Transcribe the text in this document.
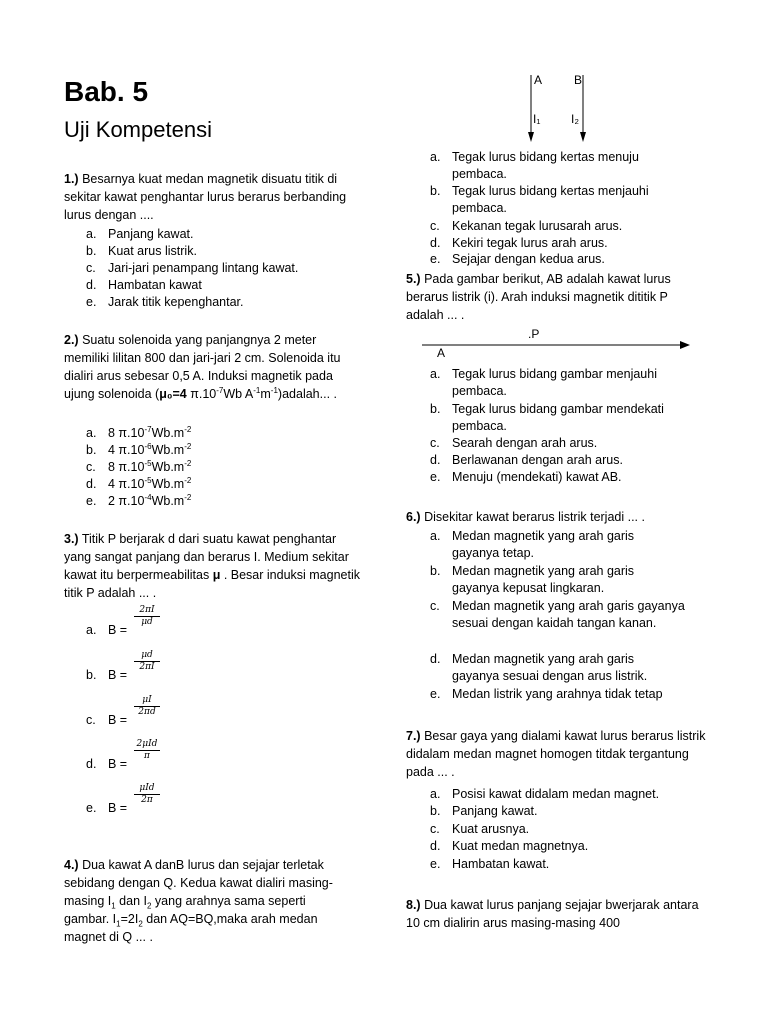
Bab. 5
Uji Kompetensi
1.) Besarnya kuat medan magnetik disuatu titik di sekitar kawat penghantar lurus berarus berbanding lurus dengan ....
a. Panjang kawat.
b. Kuat arus listrik.
c. Jari-jari penampang lintang kawat.
d. Hambatan kawat
e. Jarak titik kepenghantar.
2.) Suatu solenoida yang panjangnya 2 meter memiliki lilitan 800 dan jari-jari 2 cm. Solenoida itu dialiri arus sebesar 0,5 A. Induksi magnetik pada ujung solenoida (μ₀=4 $\pi.10^{-7}Wb$ $A^{-1}m^{-1})adalah$... .
a. 8 $\pi.10^{-7}Wb.m^{-2}$
b. 4 $\pi.10^{-6}Wb.m^{-2}$
c. 8 $\pi.10^{-5}Wb.m^{-2}$
d. 4 $\pi.10^{-5}Wb.m^{-2}$
e. 2 $\pi.10^{-4}Wb.m^{-2}$
3.) Titik P berjarak d dari suatu kawat penghantar yang sangat panjang dan berarus I. Medium sekitar kawat itu berpermeabilitas μ . Besar induksi magnetik titik P adalah ... .
a. B =
$\frac{2\pi I}{\mu d}$
b. B =
$\frac{\mu d}{2\pi I}$
c. B =
$\frac{\mu I}{2\pi d}$
d. B =
2μId
π
e. B =
μId
2π
4.) Dua kawat A danB lurus dan sejajar terletak
sebidang dengan Q. Kedua kawat dialiri masing-
masing $I_1$ dan $I_2$ yang arahnya sama seperti
gambar. $I_1=2I_2$ dan AQ=BQ,maka arah medan
magnet di Q ... .
A	B
I₁	I₂
a. Tegak lurus bidang kertas menuju pembaca.
b. Tegak lurus bidang kertas menjauhi pembaca.
c. Kekanan tegak lurusarah arus.
d. Kekiri tegak lurus arah arus.
e. Sejajar dengan kedua arus.
5.) Pada gambar berikut, AB adalah kawat lurus berarus listrik (i). Arah induksi magnetik dititik P adalah ... .
.P
A
a. Tegak lurus bidang gambar menjauhi pembaca.
b. Tegak lurus bidang gambar mendekati pembaca.
c. Searah dengan arah arus.
d. Berlawanan dengan arah arus.
e. Menuju (mendekati) kawat AB.
6.) Disekitar kawat berarus listrik terjadi ... .
a. Medan magnetik yang arah garis gayanya tetap.
b. Medan magnetik yang arah garis gayanya kepusat lingkaran.
c. Medan magnetik yang arah garis gayanya sesuai dengan kaidah tangan kanan.
d. Medan magnetik yang arah garis gayanya sesuai dengan arus listrik.
e. Medan listrik yang arahnya tidak tetap
7.) Besar gaya yang dialami kawat lurus berarus listrik didalam medan magnet homogen titdak tergantung pada ... .
a. Posisi kawat didalam medan magnet.
b. Panjang kawat.
c. Kuat arusnya.
d. Kuat medan magnetnya.
e. Hambatan kawat.
8.) Dua kawat lurus panjang sejajar bwerjarak antara 10 cm dialirin arus masing-masing 400
